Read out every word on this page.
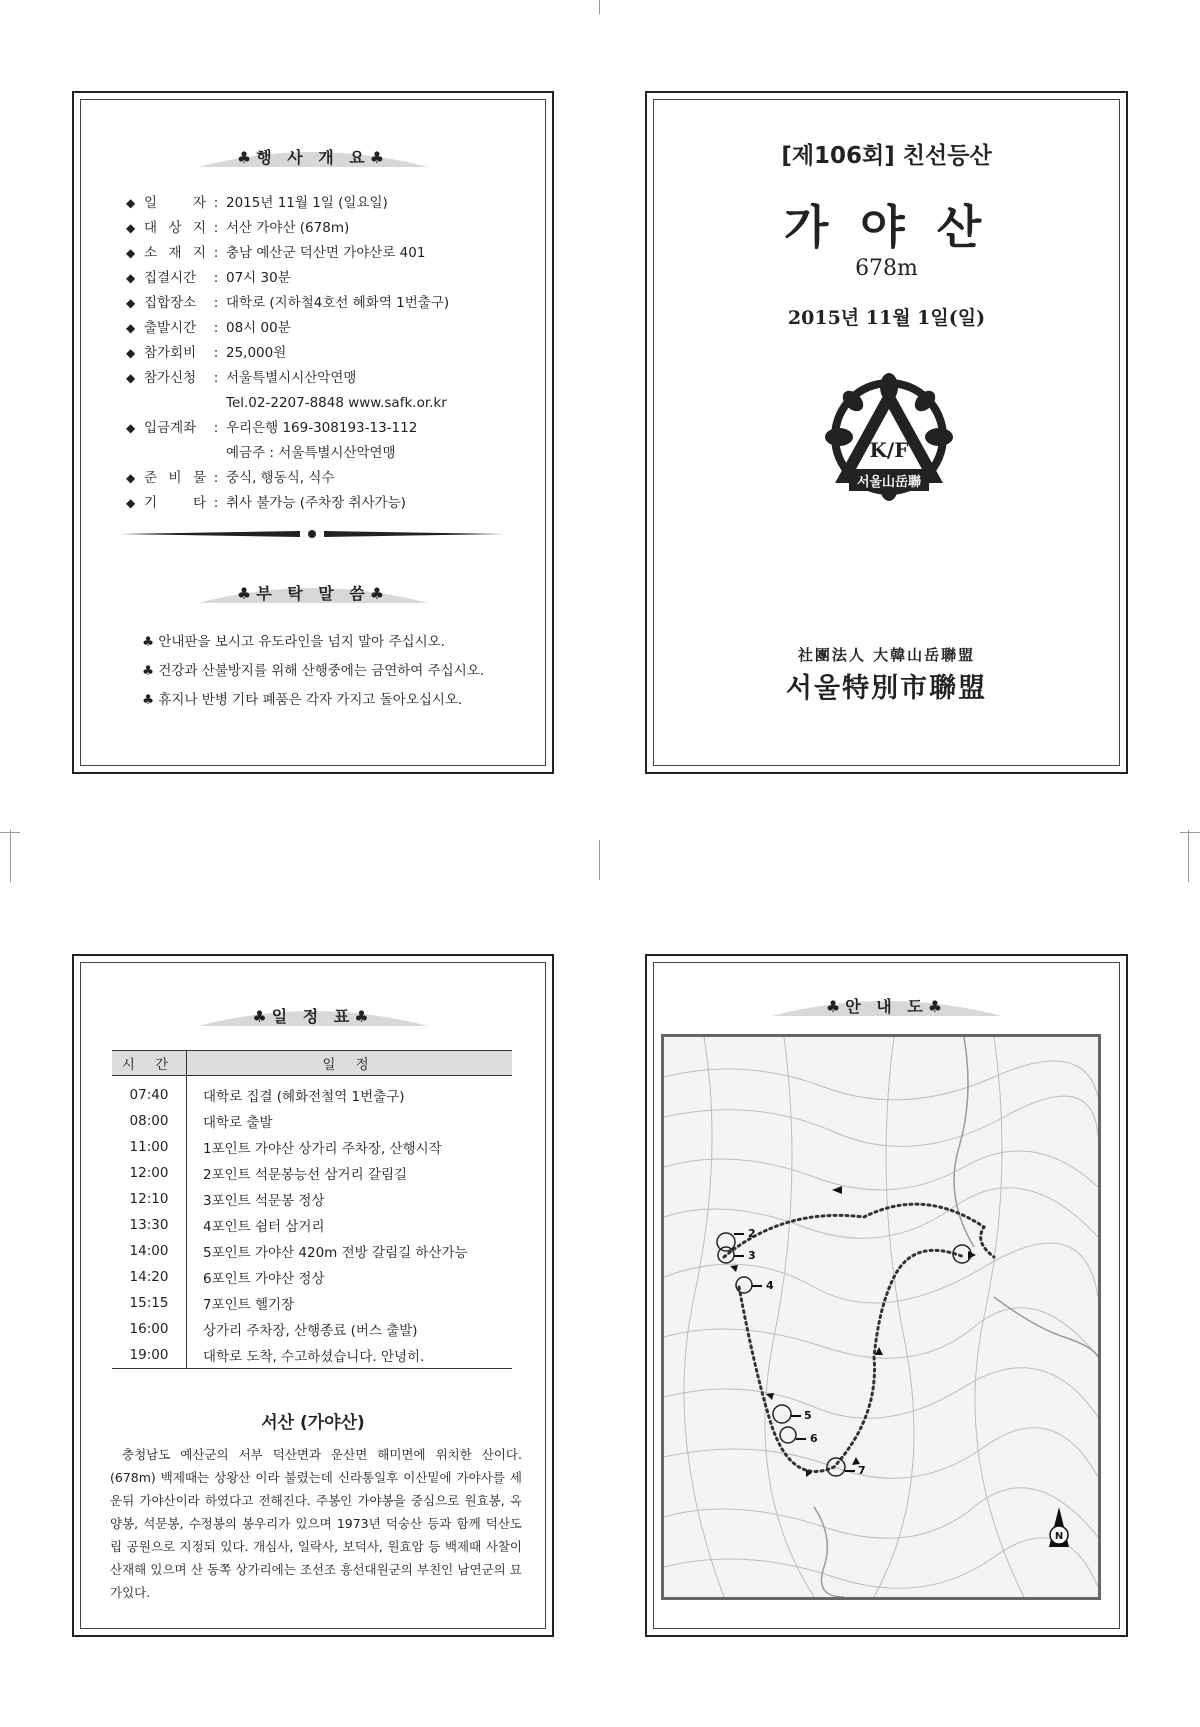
♣행 사 개 요♣
◆ 일 자 : 2015년 11월 1일 (일요일)
◆ 대 상 지 : 서산 가야산 (678m)
◆ 소 재 지 : 충남 예산군 덕산면 가야산로 401
◆ 집결시간	: 07시 30분
◆ 집합장소	: 대학로 (지하철4호선 혜화역 1번출구)
◆ 출발시간	: 08시 00분
◆ 참가회비	: 25,000원
◆ 참가신청	: 서울특별시시산악연맹
Tel.02-2207-8848 www.safk.or.kr
◆ 입금계좌	: 우리은행 169-308193-13-112
예금주 : 서울특별시산악연맹
◆ 준 비 물 : 중식, 행동식, 식수
◆ 기 타 : 취사 불가능 (주차장 취사가능)
♣부 탁 말 씀♣
♣ 안내판을 보시고 유도라인을 넘지 말아 주십시오.
♣ 건강과 산불방지를 위해 산행중에는 금연하여 주십시오.
♣ 휴지나 반병 기타 폐품은 각자 가지고 돌아오십시오.
[제106회] 친선등산
가 야 산
678m
2015년 11월 1일(일)
K/F
서울山岳聯
社團法人 大韓山岳聯盟
서울特別市聯盟
♣일 정 표♣
시 간	일 정
07:40	대학로 집결 (혜화전철역 1번출구)
08:00	대학로 출발
11:00	1포인트 가야산 상가리 주차장, 산행시작
12:00	2포인트 석문봉능선 삼거리 갈림길
12:10	3포인트 석문봉 정상
13:30	4포인트 쉼터 삼거리
14:00	5포인트 가야산 420m 전방 갈림길 하산가능
14:20	6포인트 가야산 정상
15:15	7포인트 헬기장
16:00	상가리 주차장, 산행종료 (버스 출발)
19:00	대학로 도착, 수고하셨습니다. 안녕히.
서산 (가야산)
충청남도 예산군의 서부 덕산면과 운산면 해미면에 위치한 산이다. (678m) 백제때는 상왕산 이라 불렸는데 신라통일후 이산밑에 가야사를 세운뒤 가야산이라 하였다고 전해진다. 주봉인 가야봉을 중심으로 원효봉, 옥양봉, 석문봉, 수정봉의 봉우리가 있으며 1973년 덕숭산 등과 함께 덕산도립 공원으로 지정되 있다. 개심사, 일락사, 보덕사, 원효암 등 백제때 사찰이 산재해 있으며 산 동쪽 상가리에는 조선조 흥선대원군의 부친인 남연군의 묘가있다.
♣안 내 도♣
2
3
4
5
6
7
N
